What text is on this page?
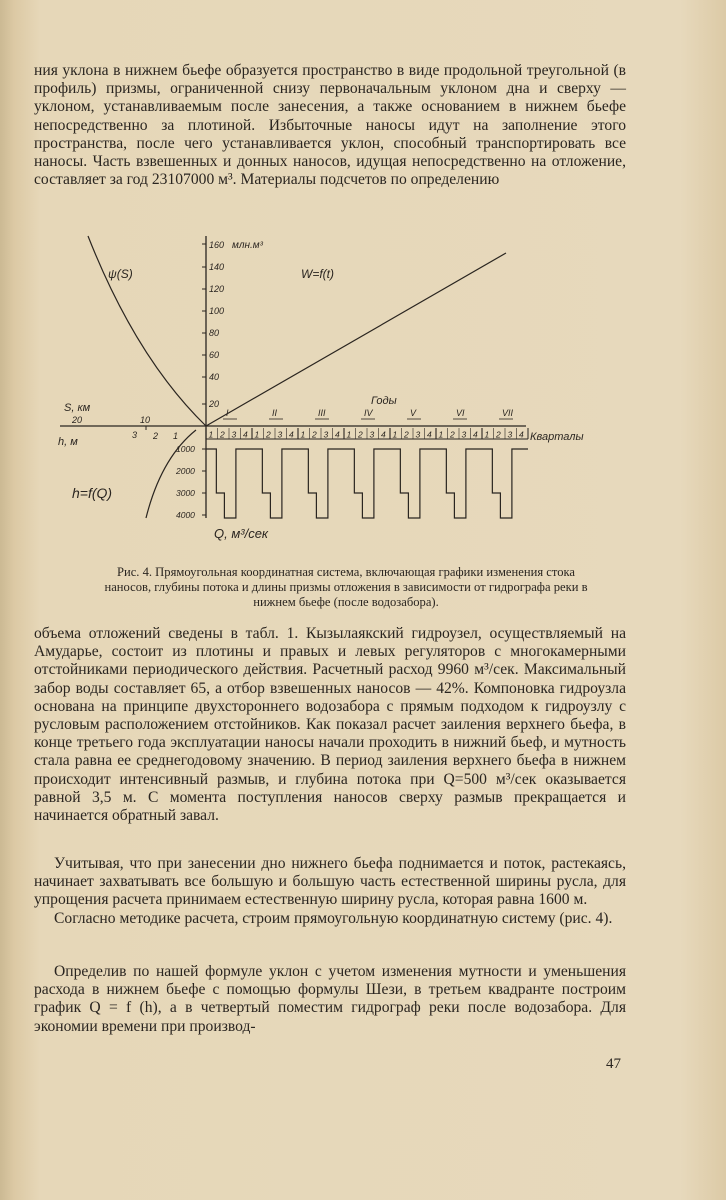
ния уклона в нижнем бьефе образуется пространство в виде продольной треугольной (в профиль) призмы, ограниченной снизу первоначальным уклоном дна и сверху — уклоном, устанавливаемым после занесения, а также основанием в нижнем бьефе непосредственно за плотиной. Избыточные наносы идут на заполнение этого пространства, после чего устанавливается уклон, способный транспортировать все наносы. Часть взвешенных и донных наносов, идущая непосредственно на отложение, составляет за год 23107000 м³. Материалы подсчетов по определению

160 млн.м³
140
120
100
80
60
40
20
W=f(t)
ψ(S)
S, км
20	10
h, м
3 2 1
h=f(Q)
1000
2000
3000
4000
Q, м³/сек
Годы
I
1 2 3 4
II
1 2 3 4
III
1 2 3 4
IV
1 2 3 4
V
1 2 3 4
VI
1 2 3 4
VII
1 2 3 4 Кварталы
Рис. 4. Прямоугольная координатная система, включающая графики изменения стока наносов, глубины потока и длины призмы отложения в зависимости от гидрографа реки в нижнем бьефе (после водозабора).

объема отложений сведены в табл. 1. Кызылаякский гидроузел, осуществляемый на Амударье, состоит из плотины и правых и левых регуляторов с многокамерными отстойниками периодического действия. Расчетный расход 9960 м³/сек. Максимальный забор воды составляет 65, а отбор взвешенных наносов — 42%. Компоновка гидроузла основана на принципе двухстороннего водозабора с прямым подходом к гидроузлу с русловым расположением отстойников. Как показал расчет заиления верхнего бьефа, в конце третьего года эксплуатации наносы начали проходить в нижний бьеф, и мутность стала равна ее среднегодовому значению. В период заиления верхнего бьефа в нижнем происходит интенсивный размыв, и глубина потока при Q=500 м³/сек оказывается равной 3,5 м. С момента поступления наносов сверху размыв прекращается и начинается обратный завал.

Учитывая, что при занесении дно нижнего бьефа поднимается и поток, растекаясь, начинает захватывать все большую и большую часть естественной ширины русла, для упрощения расчета принимаем естественную ширину русла, которая равна 1600 м.

Согласно методике расчета, строим прямоугольную координатную систему (рис. 4).

Определив по нашей формуле уклон с учетом изменения мутности и уменьшения расхода в нижнем бьефе с помощью формулы Шези, в третьем квадранте построим график Q = f (h), а в четвертый поместим гидрограф реки после водозабора. Для экономии времени при производ-

47
